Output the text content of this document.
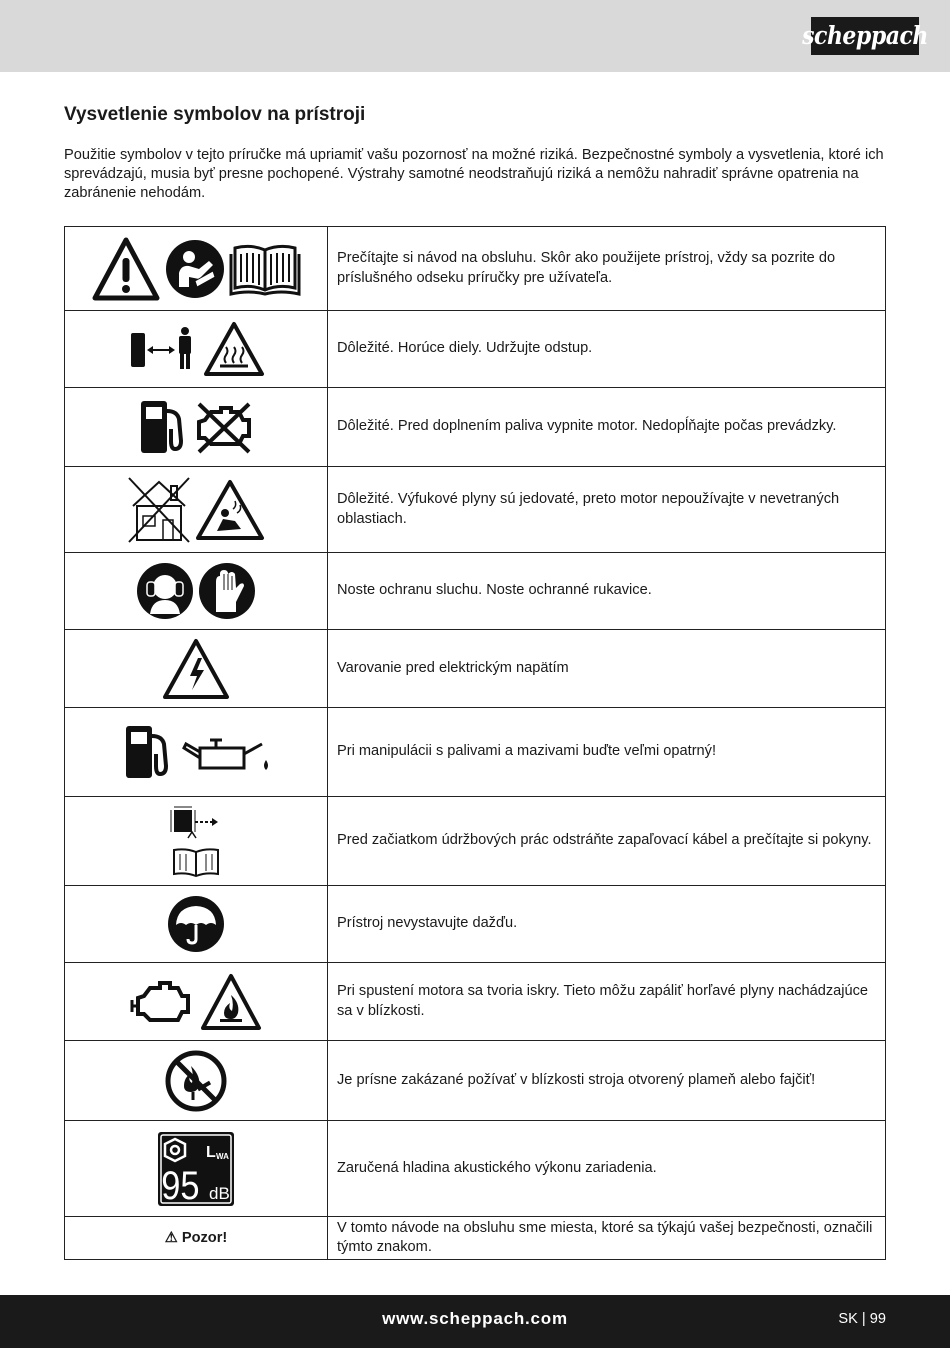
scheppach
Vysvetlenie symbolov na prístroji
Použitie symbolov v tejto príručke má upriamiť vašu pozornosť na možné riziká. Bezpečnostné symboly a vysvetlenia, ktoré ich sprevádzajú, musia byť presne pochopené. Výstrahy samotné neodstraňujú riziká a nemôžu nahradiť správne opatrenia na zabránenie nehodám.
	Prečítajte si návod na obsluhu. Skôr ako použijete prístroj, vždy sa pozrite do príslušného odseku príručky pre užívateľa.
	Dôležité. Horúce diely. Udržujte odstup.
	Dôležité. Pred doplnením paliva vypnite motor. Nedopĺňajte počas prevádzky.
	Dôležité. Výfukové plyny sú jedovaté, preto motor nepoužívajte v nevetraných oblastiach.
	Noste ochranu sluchu. Noste ochranné rukavice.
	Varovanie pred elektrickým napätím
	Pri manipulácii s palivami a mazivami buďte veľmi opatrný!
	Pred začiatkom údržbových prác odstráňte zapaľovací kábel a prečítajte si pokyny.
	Prístroj nevystavujte dažďu.
	Pri spustení motora sa tvoria iskry. Tieto môžu zapáliť horľavé plyny nachádzajúce sa v blízkosti.
	Je prísne zakázané požívať v blízkosti stroja otvorený plameň alebo fajčiť!

L WA
95 dB	Zaručená hladina akustického výkonu zariadenia.
⚠ Pozor!	V tomto návode na obsluhu sme miesta, ktoré sa týkajú vašej bezpečnosti, označili týmto znakom.
www.scheppach.com	SK | 99
